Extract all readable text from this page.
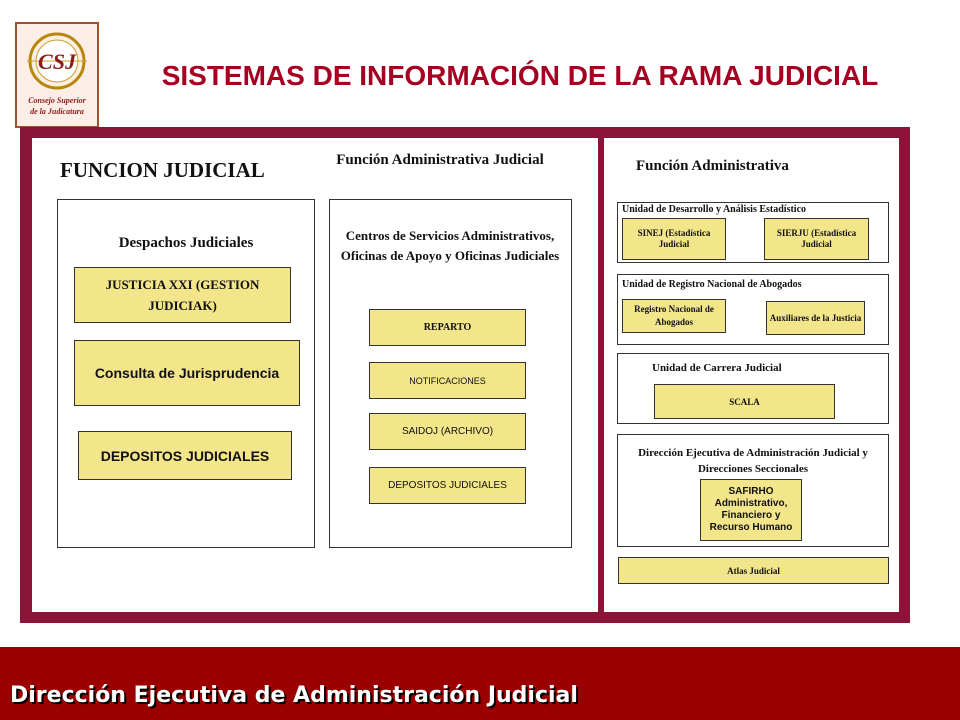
CSJ
Consejo Superior
de la Judicatura
SISTEMAS DE INFORMACIÓN DE LA RAMA JUDICIAL
FUNCION JUDICIAL	Función Administrativa Judicial	Función Administrativa
Despachos Judiciales
JUSTICIA XXI (GESTION JUDICIAK)
Consulta de Jurisprudencia
DEPOSITOS JUDICIALES
Centros de Servicios Administrativos, Oficinas de Apoyo y Oficinas Judiciales
REPARTO
NOTIFICACIONES
SAIDOJ (ARCHIVO)
DEPOSITOS JUDICIALES
Unidad de Desarrollo y Análisis Estadístico
SINEJ (Estadística Judicial
SIERJU (Estadística Judicial
Unidad de Registro Nacional de Abogados
Registro Nacional de Abogados	Auxiliares de la Justicia
Unidad de Carrera Judicial
SCALA
Dirección Ejecutiva de Administración Judicial y Direcciones Seccionales
SAFIRHO Administrativo, Financiero y Recurso Humano
Atlas Judicial
Dirección Ejecutiva de Administración Judicial
